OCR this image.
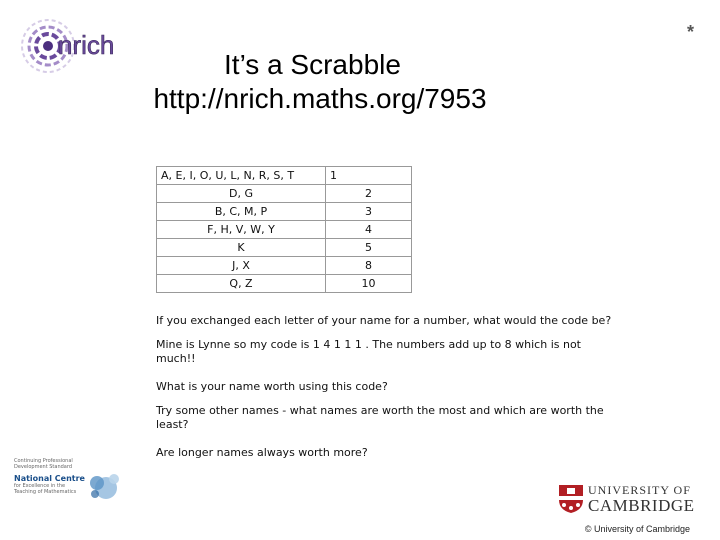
nrich	*
It’s a Scrabble
http://nrich.maths.org/7953
A, E, I, O, U, L, N, R, S, T	1
D, G	2
B, C, M, P	3
F, H, V, W, Y	4
K	5
J, X	8
Q, Z	10

If you exchanged each letter of your name for a number, what would the code be?

Mine is Lynne so my code is 1 4 1 1 1 . The numbers add up to 8 which is not much!!

What is your name worth using this code?

Try some other names - what names are worth the most and which are worth the least?

Are longer names always worth more?

Continuing Professional Development Standard
National Centre
for Excellence in the Teaching of Mathematics	UNIVERSITY OF
CAMBRIDGE
© University of Cambridge
